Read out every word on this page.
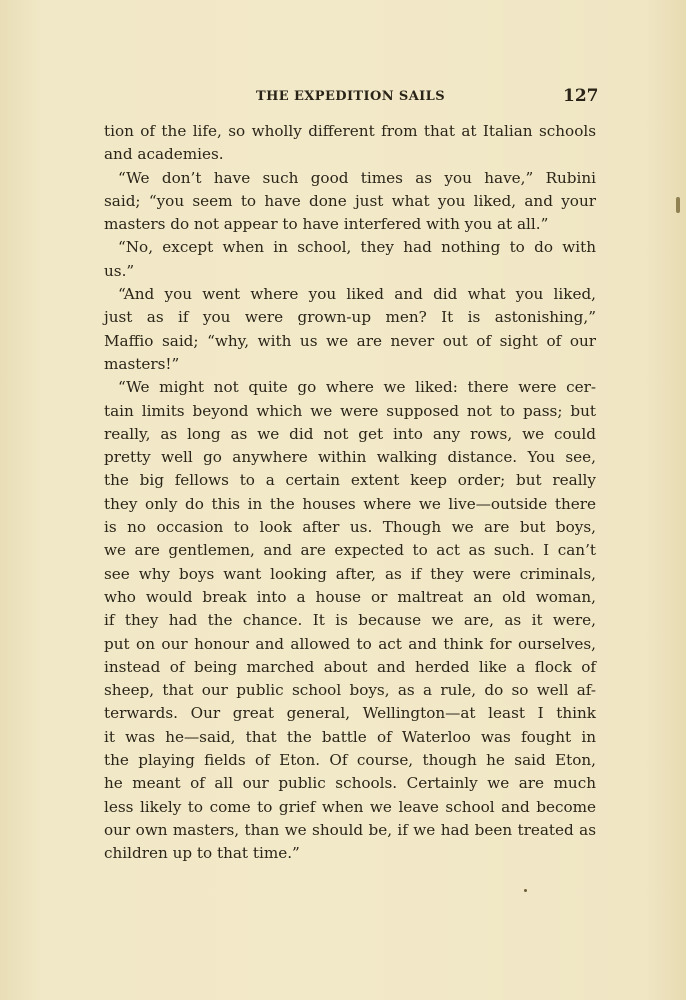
THE EXPEDITION SAILS	127
tion of the life, so wholly different from that at Italian schools
and academies.
“We don’t have such good times as you have,” Rubini
said; “you seem to have done just what you liked, and your
masters do not appear to have interfered with you at all.”
“No, except when in school, they had nothing to do with
us.”
“And you went where you liked and did what you liked,
just as if you were grown-up men? It is astonishing,”
Maffio said; “why, with us we are never out of sight of our
masters!”
“We might not quite go where we liked: there were cer-
tain limits beyond which we were supposed not to pass; but
really, as long as we did not get into any rows, we could
pretty well go anywhere within walking distance. You see,
the big fellows to a certain extent keep order; but really
they only do this in the houses where we live—outside there
is no occasion to look after us. Though we are but boys,
we are gentlemen, and are expected to act as such. I can’t
see why boys want looking after, as if they were criminals,
who would break into a house or maltreat an old woman,
if they had the chance. It is because we are, as it were,
put on our honour and allowed to act and think for ourselves,
instead of being marched about and herded like a flock of
sheep, that our public school boys, as a rule, do so well af-
terwards. Our great general, Wellington—at least I think
it was he—said, that the battle of Waterloo was fought in
the playing fields of Eton. Of course, though he said Eton,
he meant of all our public schools. Certainly we are much
less likely to come to grief when we leave school and become
our own masters, than we should be, if we had been treated as
children up to that time.”
